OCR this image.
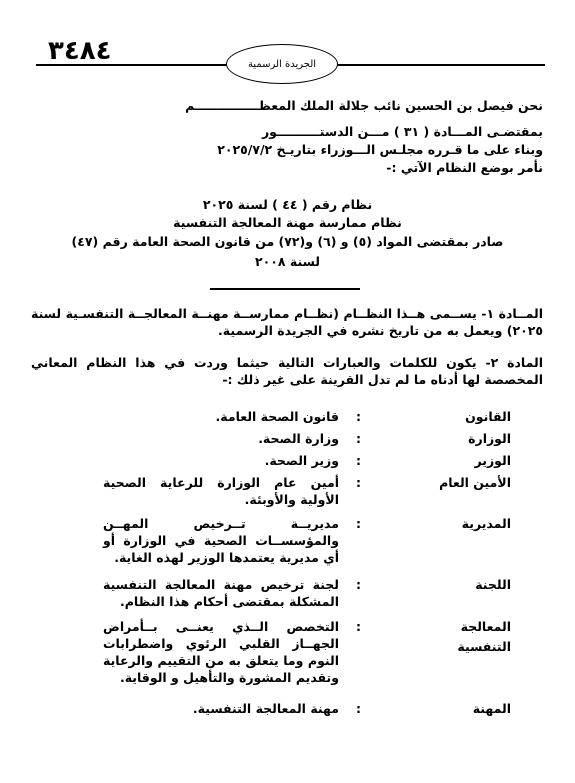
٣٤٨٤	الجريدة الرسمية
نحن فيصل بن الحسين نائب جلالة الملك المعظـــــــــــــــم
بمقتضـى المـــادة ( ٣١ ) مـــن الدستــــــــــور
وبناء على ما قـرره مجلـس الـــوزراء بتاريـخ ٢٠٢٥/٧/٢
نأمر بوضع النظام الآتي :-
نظام رقم ( ٤٤ ) لسنة ٢٠٢٥
نظام ممارسة مهنة المعالجة التنفسية
صادر بمقتضى المواد (٥) و (٦) و(٧٢) من قانون الصحة العامة رقم (٤٧)
لسنة ٢٠٠٨
المــادة ١- يســمى هــذا النظــام (نظــام ممارســة مهنــة المعالجــة التنفسـية لسنة ٢٠٢٥) ويعمل به من تاريخ نشره في الجريدة الرسمية.
المادة ٢- يكون للكلمات والعبارات التالية حيثما وردت في هذا النظام المعاني المخصصة لها أدناه ما لم تدل القرينة على غير ذلك :-
القانون
:
قانون الصحة العامة.
الوزارة
:
وزارة الصحة.
الوزير
:
وزير الصحة.
الأمين العام
:
أمين عام الوزارة للرعاية الصحية الأولية والأوبئة.
المديرية
:
مديريــة تــرخيص المهــن والمؤسســات الصحية في الوزارة أو أي مديرية يعتمدها الوزير لهذه الغاية.
اللجنة
:
لجنة ترخيص مهنة المعالجة التنفسية المشكلة بمقتضى أحكام هذا النظام.
المعالجة
التنفسية
:
التخصص الــذي يعنــى بــأمراض الجهــاز القلبي الرئوي واضطرابات النوم وما يتعلق به من التقييم والرعاية وتقديم المشورة والتأهيل و الوقاية.
المهنة
:
مهنة المعالجة التنفسية.
